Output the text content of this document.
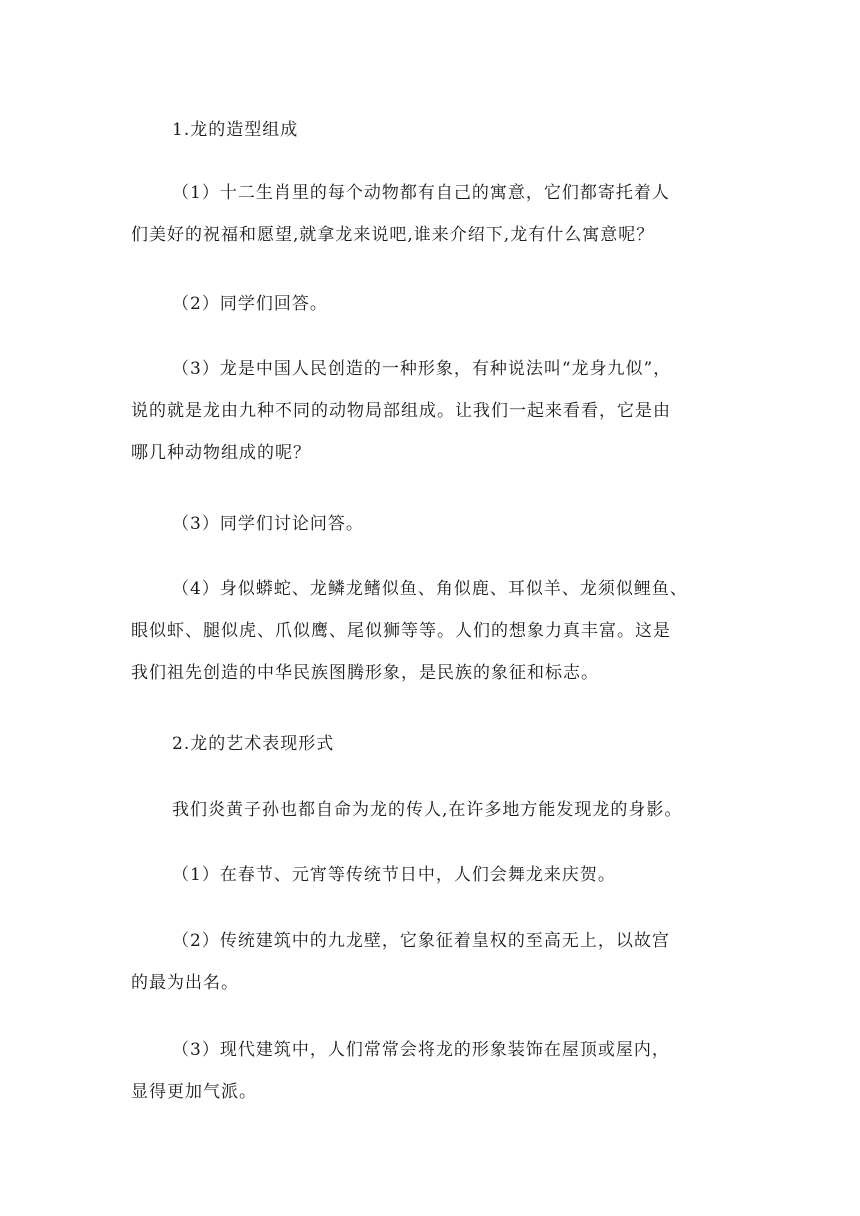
1.龙的造型组成

（1）十二生肖里的每个动物都有自己的寓意，它们都寄托着人
们美好的祝福和愿望,就拿龙来说吧,谁来介绍下,龙有什么寓意呢？

（2）同学们回答。

（3）龙是中国人民创造的一种形象，有种说法叫“龙身九似”，
说的就是龙由九种不同的动物局部组成。让我们一起来看看，它是由
哪几种动物组成的呢？

（3）同学们讨论问答。

（4）身似蟒蛇、龙鳞龙鳍似鱼、角似鹿、耳似羊、龙须似鲤鱼、
眼似虾、腿似虎、爪似鹰、尾似狮等等。人们的想象力真丰富。这是
我们祖先创造的中华民族图腾形象，是民族的象征和标志。

2.龙的艺术表现形式

我们炎黄子孙也都自命为龙的传人,在许多地方能发现龙的身影。

（1）在春节、元宵等传统节日中，人们会舞龙来庆贺。

（2）传统建筑中的九龙壁，它象征着皇权的至高无上，以故宫
的最为出名。

（3）现代建筑中，人们常常会将龙的形象装饰在屋顶或屋内，
显得更加气派。
